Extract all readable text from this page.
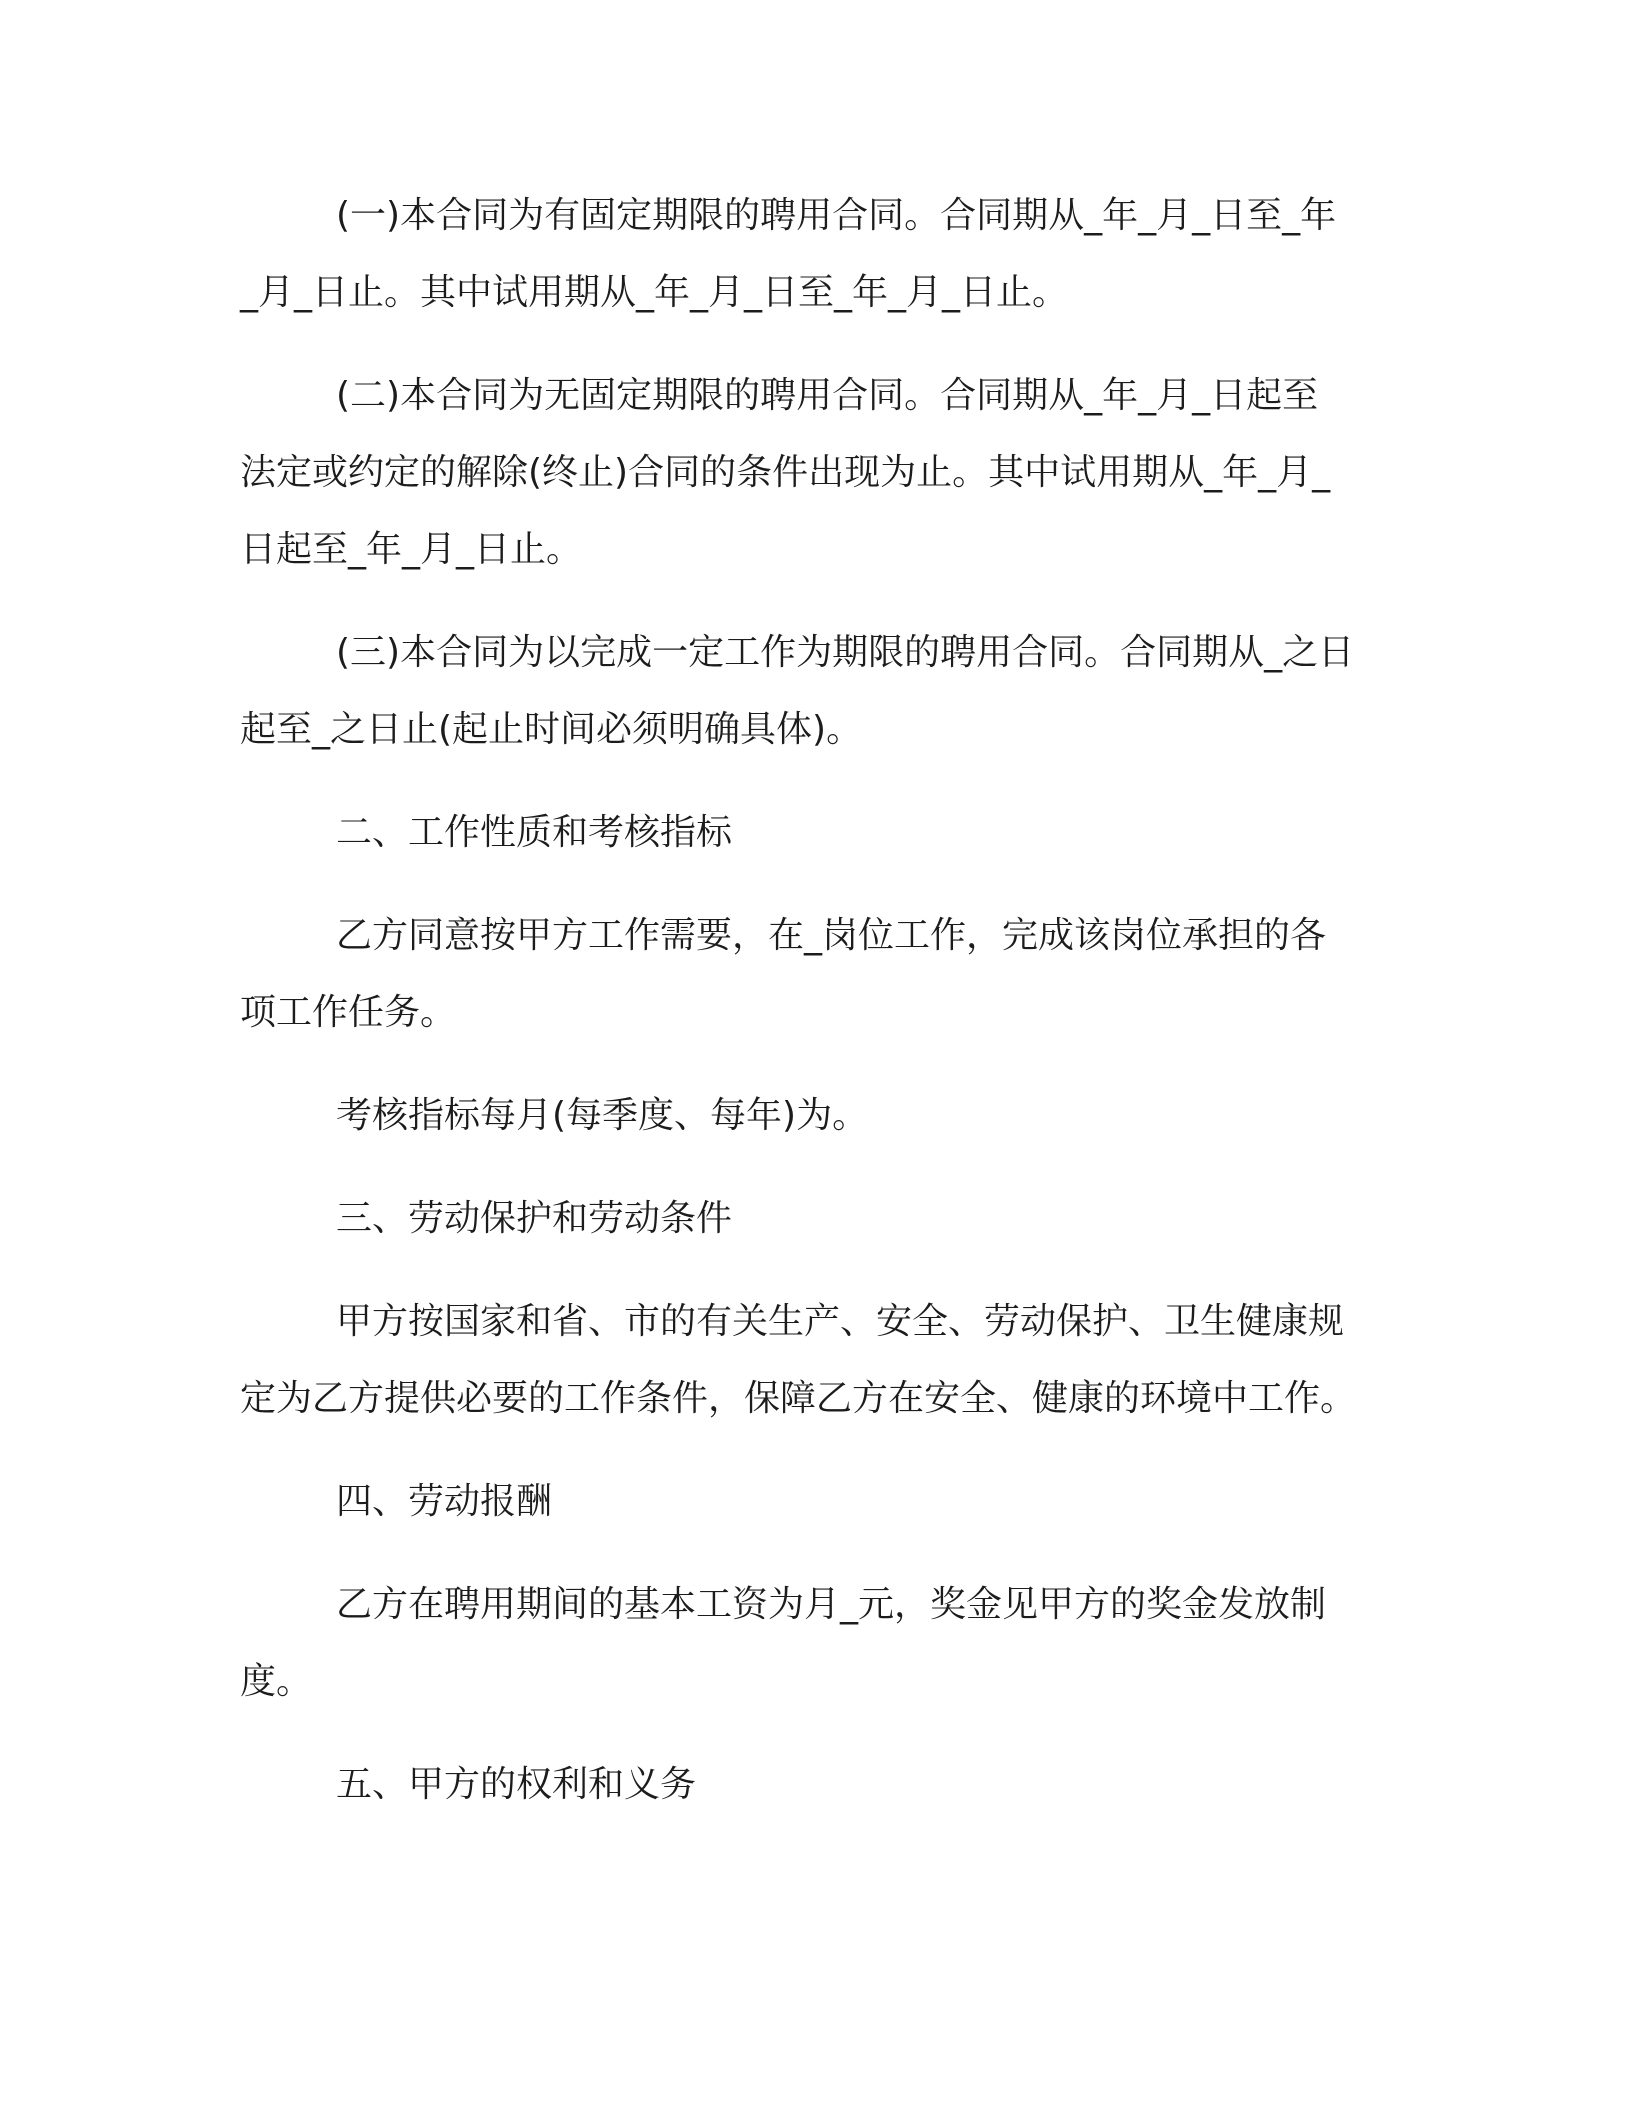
(一)本合同为有固定期限的聘用合同。合同期从_年_月_日至_年
_月_日止。其中试用期从_年_月_日至_年_月_日止。

(二)本合同为无固定期限的聘用合同。合同期从_年_月_日起至
法定或约定的解除(终止)合同的条件出现为止。其中试用期从_年_月_
日起至_年_月_日止。

(三)本合同为以完成一定工作为期限的聘用合同。合同期从_之日
起至_之日止(起止时间必须明确具体)。

二、工作性质和考核指标

乙方同意按甲方工作需要，在_岗位工作，完成该岗位承担的各
项工作任务。

考核指标每月(每季度、每年)为。

三、劳动保护和劳动条件

甲方按国家和省、市的有关生产、安全、劳动保护、卫生健康规
定为乙方提供必要的工作条件，保障乙方在安全、健康的环境中工作。

四、劳动报酬

乙方在聘用期间的基本工资为月_元，奖金见甲方的奖金发放制
度。

五、甲方的权利和义务
